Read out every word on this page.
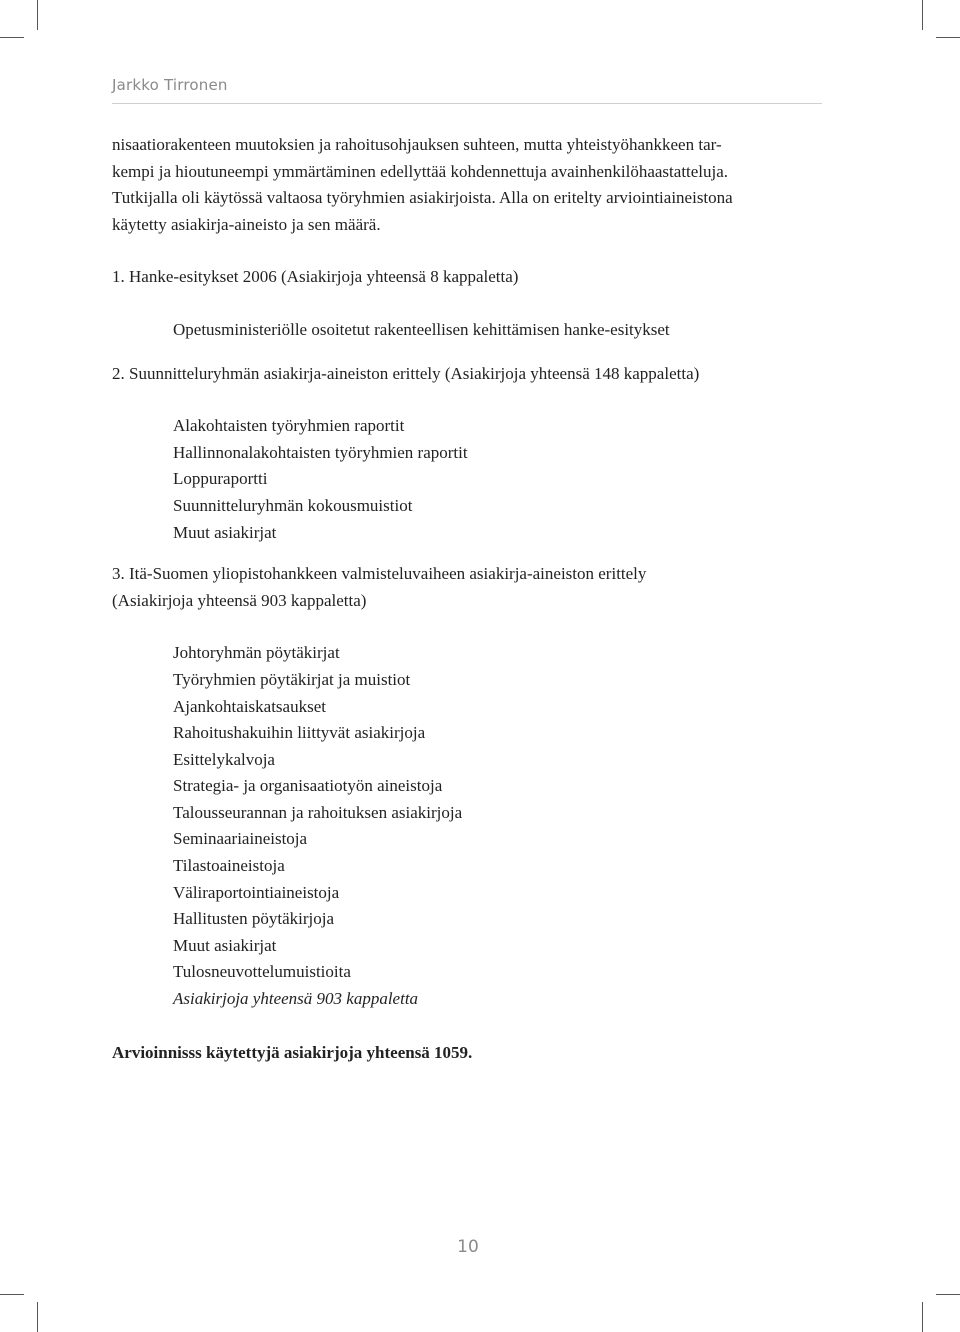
Jarkko Tirronen
nisaatiorakenteen muutoksien ja rahoitusohjauksen suhteen, mutta yhteistyöhankkeen tar-
kempi ja hioutuneempi ymmärtäminen edellyttää kohdennettuja avainhenkilöhaastatteluja.
Tutkijalla oli käytössä valtaosa työryhmien asiakirjoista. Alla on eritelty arviointiaineistona
käytetty asiakirja-aineisto ja sen määrä.
1. Hanke-esitykset 2006 (Asiakirjoja yhteensä 8 kappaletta)
Opetusministeriölle osoitetut rakenteellisen kehittämisen hanke-esitykset
2. Suunnitteluryhmän asiakirja-aineiston erittely (Asiakirjoja yhteensä 148 kappaletta)
Alakohtaisten työryhmien raportit
Hallinnonalakohtaisten työryhmien raportit
Loppuraportti
Suunnitteluryhmän kokousmuistiot
Muut asiakirjat
3. Itä-Suomen yliopistohankkeen valmisteluvaiheen asiakirja-aineiston erittely
(Asiakirjoja yhteensä 903 kappaletta)
Johtoryhmän pöytäkirjat
Työryhmien pöytäkirjat ja muistiot
Ajankohtaiskatsaukset
Rahoitushakuihin liittyvät asiakirjoja
Esittelykalvoja
Strategia- ja organisaatiotyön aineistoja
Talousseurannan ja rahoituksen asiakirjoja
Seminaariaineistoja
Tilastoaineistoja
Väliraportointiaineistoja
Hallitusten pöytäkirjoja
Muut asiakirjat
Tulosneuvottelumuistioita
Asiakirjoja yhteensä 903 kappaletta
Arvioinnisss käytettyjä asiakirjoja yhteensä 1059.
10
